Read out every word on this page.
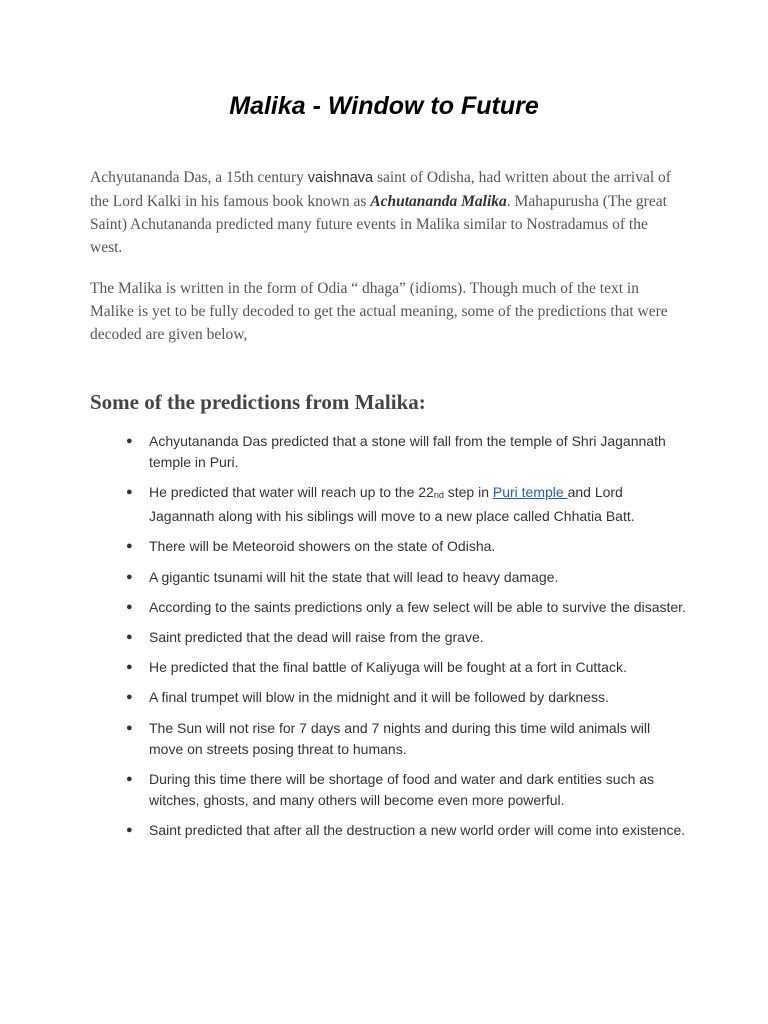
Malika - Window to Future

Achyutananda Das, a 15th century vaishnava saint of Odisha, had written about the arrival of the Lord Kalki in his famous book known as Achutananda Malika. Mahapurusha (The great Saint) Achutananda predicted many future events in Malika similar to Nostradamus of the west.

The Malika is written in the form of Odia “ dhaga” (idioms). Though much of the text in Malike is yet to be fully decoded to get the actual meaning, some of the predictions that were decoded are given below,

Some of the predictions from Malika:
● Achyutananda Das predicted that a stone will fall from the temple of Shri Jagannath temple in Puri.
● He predicted that water will reach up to the 22nd step in Puri temple and Lord Jagannath along with his siblings will move to a new place called Chhatia Batt.
● There will be Meteoroid showers on the state of Odisha.
● A gigantic tsunami will hit the state that will lead to heavy damage.
● According to the saints predictions only a few select will be able to survive the disaster.
● Saint predicted that the dead will raise from the grave.
● He predicted that the final battle of Kaliyuga will be fought at a fort in Cuttack.
● A final trumpet will blow in the midnight and it will be followed by darkness.
● The Sun will not rise for 7 days and 7 nights and during this time wild animals will move on streets posing threat to humans.
● During this time there will be shortage of food and water and dark entities such as witches, ghosts, and many others will become even more powerful.
● Saint predicted that after all the destruction a new world order will come into existence.
